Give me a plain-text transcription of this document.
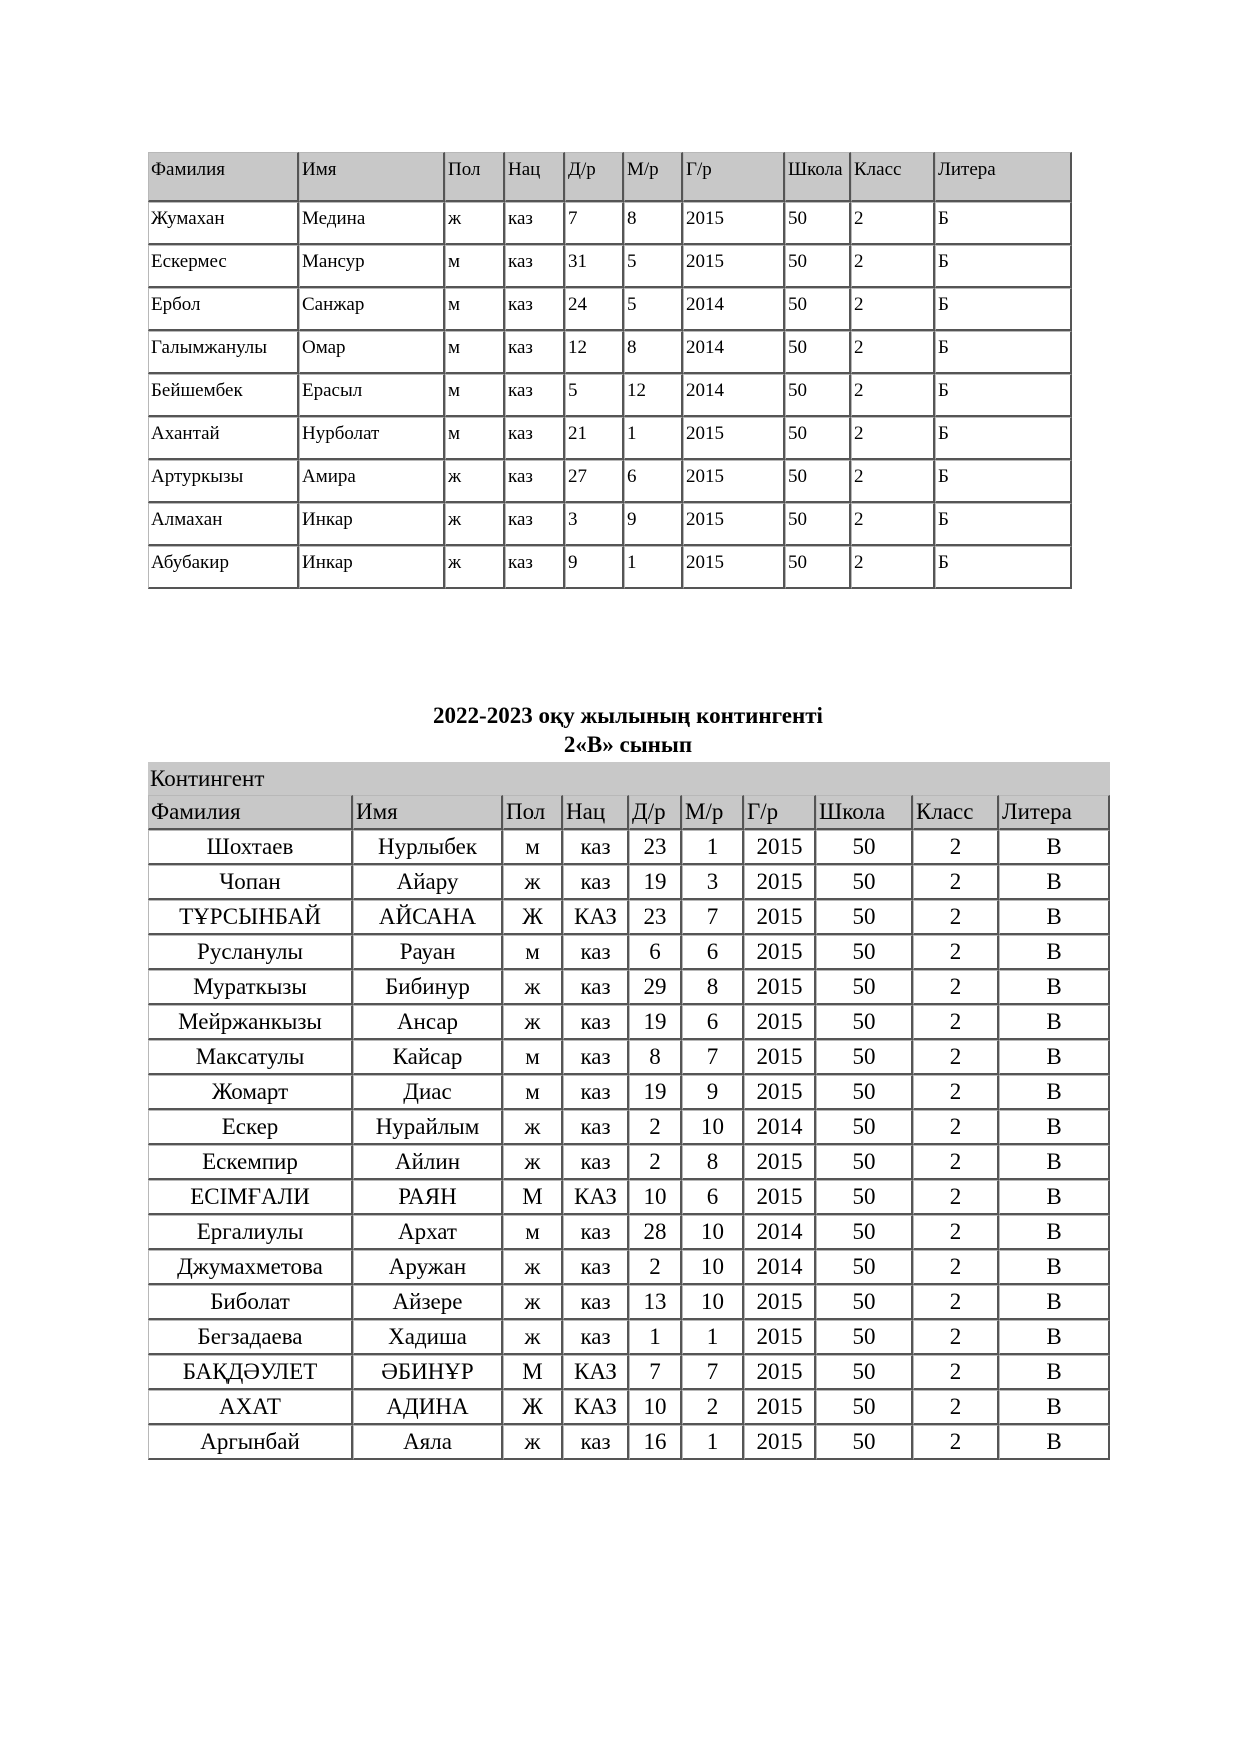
Фамилия	Имя	Пол	Нац	Д/р	М/р	Г/р	Школа	Класс	Литера
Жумахан	Медина	ж	каз	7	8	2015	50	2	Б
Ескермес	Мансур	м	каз	31	5	2015	50	2	Б
Ербол	Санжар	м	каз	24	5	2014	50	2	Б
Галымжанулы	Омар	м	каз	12	8	2014	50	2	Б
Бейшембек	Ерасыл	м	каз	5	12	2014	50	2	Б
Ахантай	Нурболат	м	каз	21	1	2015	50	2	Б
Артуркызы	Амира	ж	каз	27	6	2015	50	2	Б
Алмахан	Инкар	ж	каз	3	9	2015	50	2	Б
Абубакир	Инкар	ж	каз	9	1	2015	50	2	Б
2022-2023 оқу жылының контингенті
2«В» сынып
Контингент									
Фамилия	Имя	Пол	Нац	Д/р	М/р	Г/р	Школа	Класс	Литера
Шохтаев	Нурлыбек	м	каз	23	1	2015	50	2	В
Чопан	Айару	ж	каз	19	3	2015	50	2	В
ТҰРСЫНБАЙ	АЙСАНА	Ж	КАЗ	23	7	2015	50	2	В
Русланулы	Рауан	м	каз	6	6	2015	50	2	В
Мураткызы	Бибинур	ж	каз	29	8	2015	50	2	В
Мейржанкызы	Ансар	ж	каз	19	6	2015	50	2	В
Максатулы	Кайсар	м	каз	8	7	2015	50	2	В
Жомарт	Диас	м	каз	19	9	2015	50	2	В
Ескер	Нурайлым	ж	каз	2	10	2014	50	2	В
Ескемпир	Айлин	ж	каз	2	8	2015	50	2	В
ЕСІМҒАЛИ	РАЯН	М	КАЗ	10	6	2015	50	2	В
Ергалиулы	Архат	м	каз	28	10	2014	50	2	В
Джумахметова	Аружан	ж	каз	2	10	2014	50	2	В
Биболат	Айзере	ж	каз	13	10	2015	50	2	В
Бегзадаева	Хадиша	ж	каз	1	1	2015	50	2	В
БАҚДӘУЛЕТ	ӘБИНҰР	М	КАЗ	7	7	2015	50	2	В
АХАТ	АДИНА	Ж	КАЗ	10	2	2015	50	2	В
Аргынбай	Аяла	ж	каз	16	1	2015	50	2	В
